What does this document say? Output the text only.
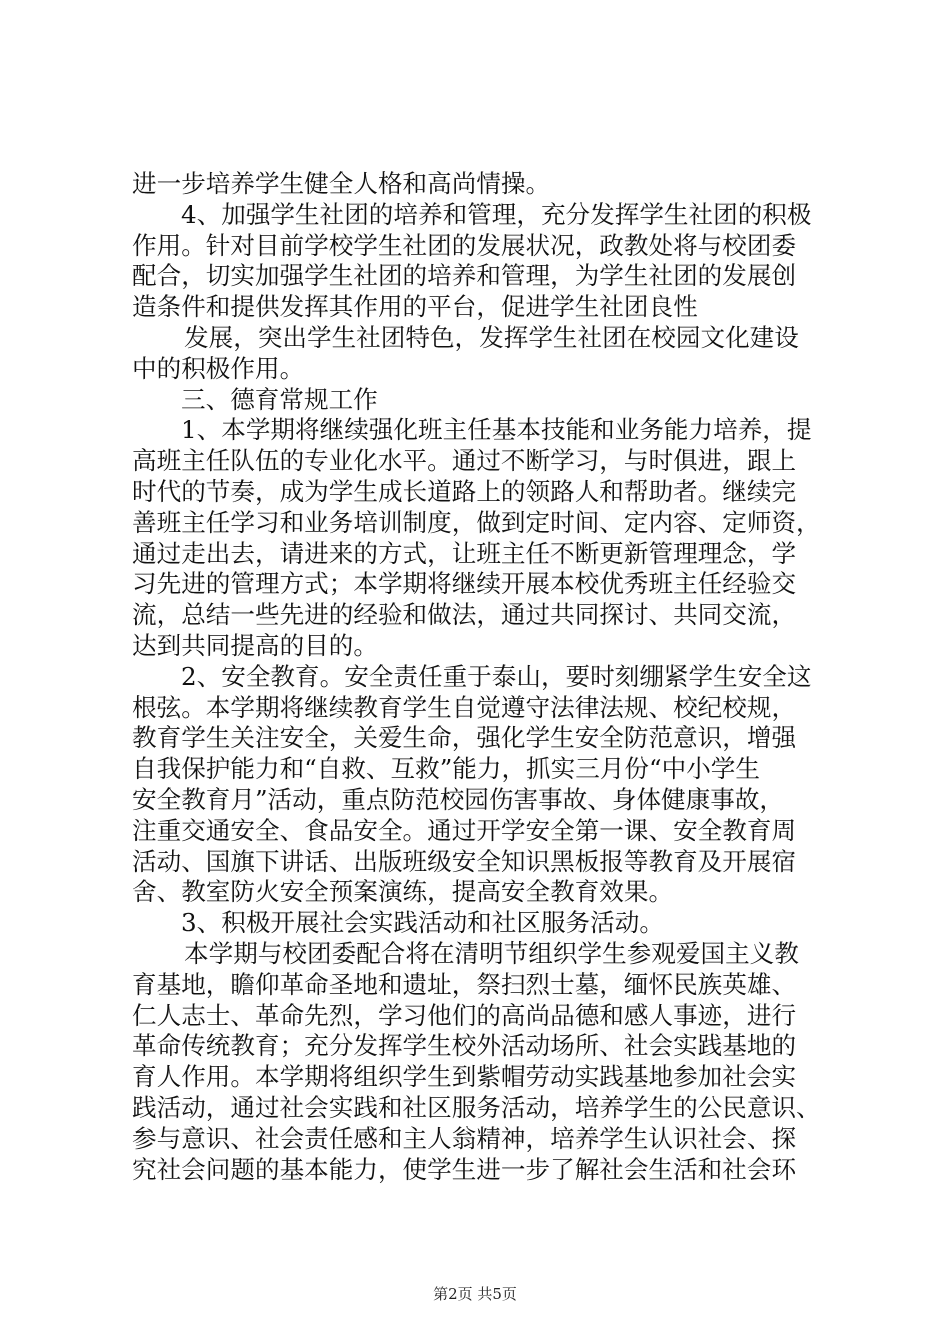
进一步培养学生健全人格和高尚情操。
4、加强学生社团的培养和管理，充分发挥学生社团的积极
作用。针对目前学校学生社团的发展状况，政教处将与校团委
配合，切实加强学生社团的培养和管理，为学生社团的发展创
造条件和提供发挥其作用的平台，促进学生社团良性
发展，突出学生社团特色，发挥学生社团在校园文化建设
中的积极作用。
三、德育常规工作
1、本学期将继续强化班主任基本技能和业务能力培养，提
高班主任队伍的专业化水平。通过不断学习，与时俱进，跟上
时代的节奏，成为学生成长道路上的领路人和帮助者。继续完
善班主任学习和业务培训制度，做到定时间、定内容、定师资，
通过走出去，请进来的方式，让班主任不断更新管理理念，学
习先进的管理方式；本学期将继续开展本校优秀班主任经验交
流，总结一些先进的经验和做法，通过共同探讨、共同交流，
达到共同提高的目的。
2、安全教育。安全责任重于泰山，要时刻绷紧学生安全这
根弦。本学期将继续教育学生自觉遵守法律法规、校纪校规，
教育学生关注安全，关爱生命，强化学生安全防范意识，增强
自我保护能力和“自救、互救”能力，抓实三月份“中小学生
安全教育月”活动，重点防范校园伤害事故、身体健康事故，
注重交通安全、食品安全。通过开学安全第一课、安全教育周
活动、国旗下讲话、出版班级安全知识黑板报等教育及开展宿
舍、教室防火安全预案演练，提高安全教育效果。
3、积极开展社会实践活动和社区服务活动。
本学期与校团委配合将在清明节组织学生参观爱国主义教
育基地，瞻仰革命圣地和遗址，祭扫烈士墓，缅怀民族英雄、
仁人志士、革命先烈，学习他们的高尚品德和感人事迹，进行
革命传统教育；充分发挥学生校外活动场所、社会实践基地的
育人作用。本学期将组织学生到紫帽劳动实践基地参加社会实
践活动，通过社会实践和社区服务活动，培养学生的公民意识、
参与意识、社会责任感和主人翁精神，培养学生认识社会、探
究社会问题的基本能力，使学生进一步了解社会生活和社会环
第2页 共5页
